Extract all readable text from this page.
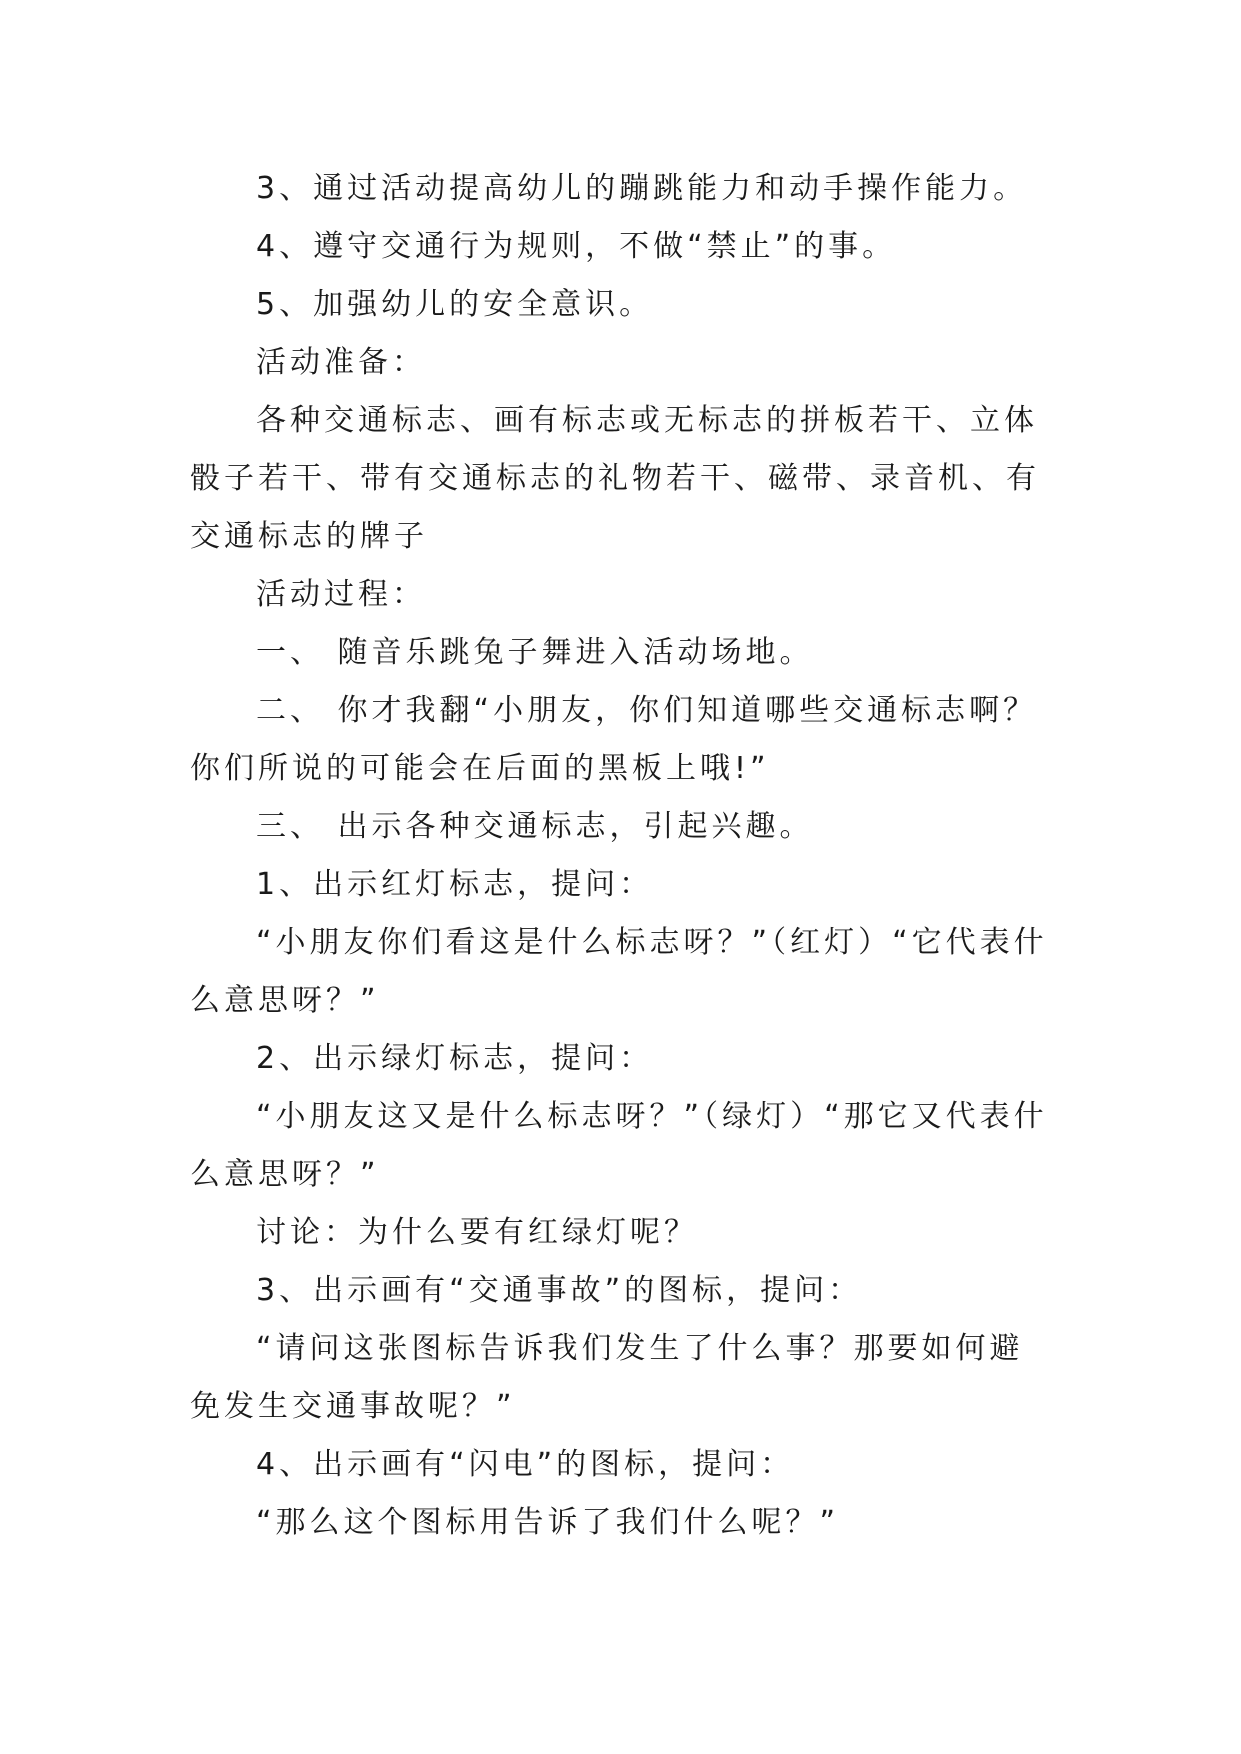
3、通过活动提高幼儿的蹦跳能力和动手操作能力。

4、遵守交通行为规则，不做“禁止”的事。

5、加强幼儿的安全意识。

活动准备：

各种交通标志、画有标志或无标志的拼板若干、立体骰子若干、带有交通标志的礼物若干、磁带、录音机、有交通标志的牌子

活动过程：

一、 随音乐跳兔子舞进入活动场地。

二、 你才我翻“小朋友，你们知道哪些交通标志啊？你们所说的可能会在后面的黑板上哦!”

三、 出示各种交通标志，引起兴趣。

1、出示红灯标志，提问：

“小朋友你们看这是什么标志呀？”（红灯）“它代表什么意思呀？”

2、出示绿灯标志，提问：

“小朋友这又是什么标志呀？”（绿灯）“那它又代表什么意思呀？”

讨论：为什么要有红绿灯呢？

3、出示画有“交通事故”的图标，提问：

“请问这张图标告诉我们发生了什么事？那要如何避免发生交通事故呢？”

4、出示画有“闪电”的图标，提问：

“那么这个图标用告诉了我们什么呢？”
